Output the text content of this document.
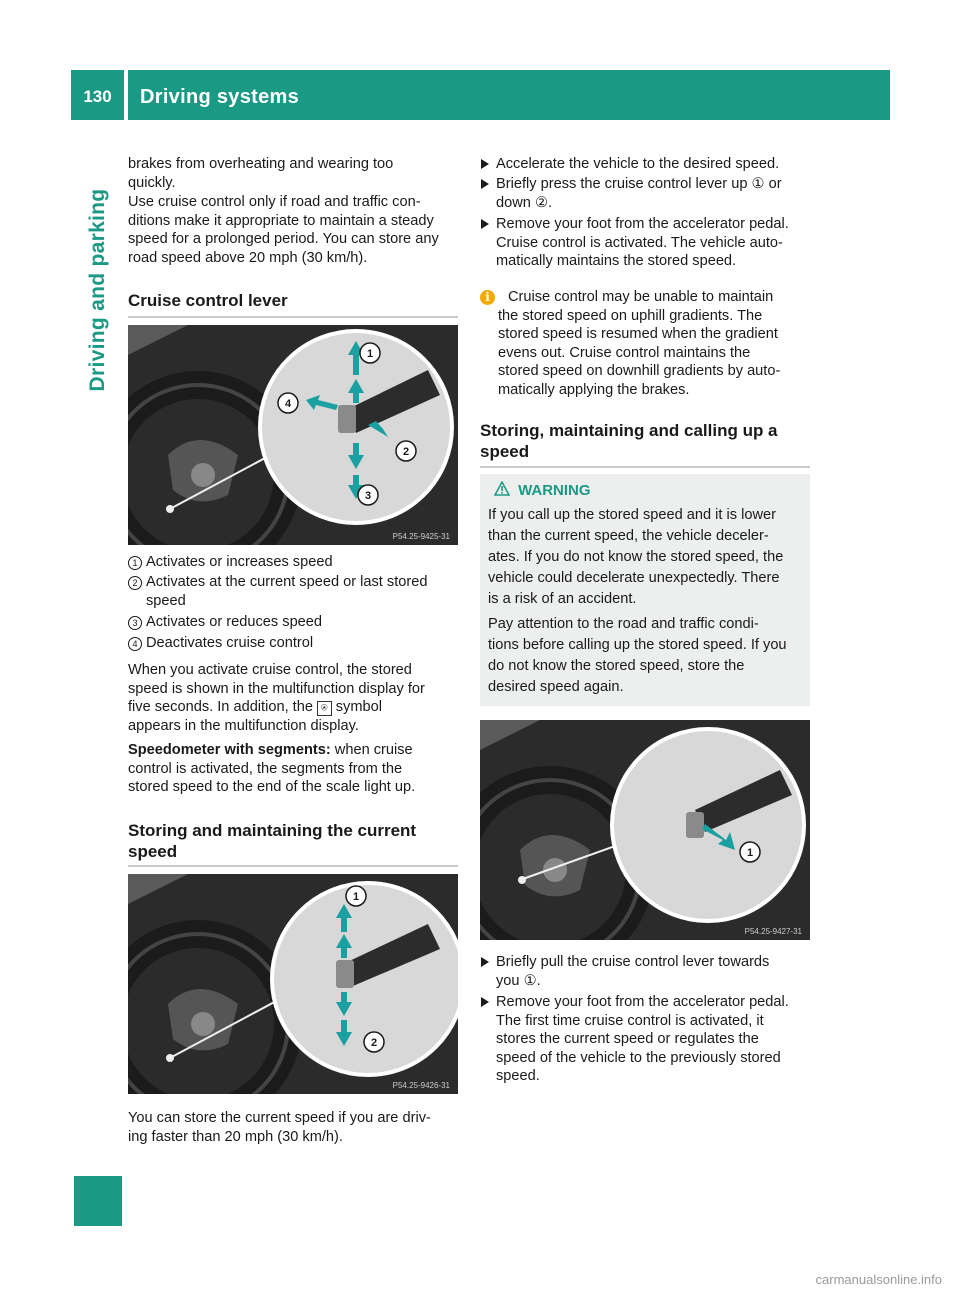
130	Driving systems
Driving and parking

brakes from overheating and wearing too

quickly.

Use cruise control only if road and traffic con-

ditions make it appropriate to maintain a steady

speed for a prolonged period. You can store any

road speed above 20 mph (30 km/h).

Cruise control lever
1
2
3
4
P54.25-9425-31
1 Activates or increases speed

2 Activates at the current speed or last stored

speed

3 Activates or reduces speed

4 Deactivates cruise control

When you activate cruise control, the stored

speed is shown in the multifunction display for

five seconds. In addition, the ⍟ symbol

appears in the multifunction display.

Speedometer with segments: when cruise

control is activated, the segments from the

stored speed to the end of the scale light up.

Storing and maintaining the current

speed

1
2
P54.25-9426-31

You can store the current speed if you are driv-

ing faster than 20 mph (30 km/h).

Accelerate the vehicle to the desired speed.

Briefly press the cruise control lever up ① or

down ②.

Remove your foot from the accelerator pedal.

Cruise control is activated. The vehicle auto-

matically maintains the stored speed.

i	Cruise control may be unable to maintain

the stored speed on uphill gradients. The

stored speed is resumed when the gradient

evens out. Cruise control maintains the

stored speed on downhill gradients by auto-

matically applying the brakes.

Storing, maintaining and calling up a

speed

WARNING

If you call up the stored speed and it is lower

than the current speed, the vehicle deceler-

ates. If you do not know the stored speed, the

vehicle could decelerate unexpectedly. There

is a risk of an accident.

Pay attention to the road and traffic condi-

tions before calling up the stored speed. If you

do not know the stored speed, store the

desired speed again.

1
P54.25-9427-31

Briefly pull the cruise control lever towards

you ①.

Remove your foot from the accelerator pedal.

The first time cruise control is activated, it

stores the current speed or regulates the

speed of the vehicle to the previously stored

speed.

carmanualsonline.info
